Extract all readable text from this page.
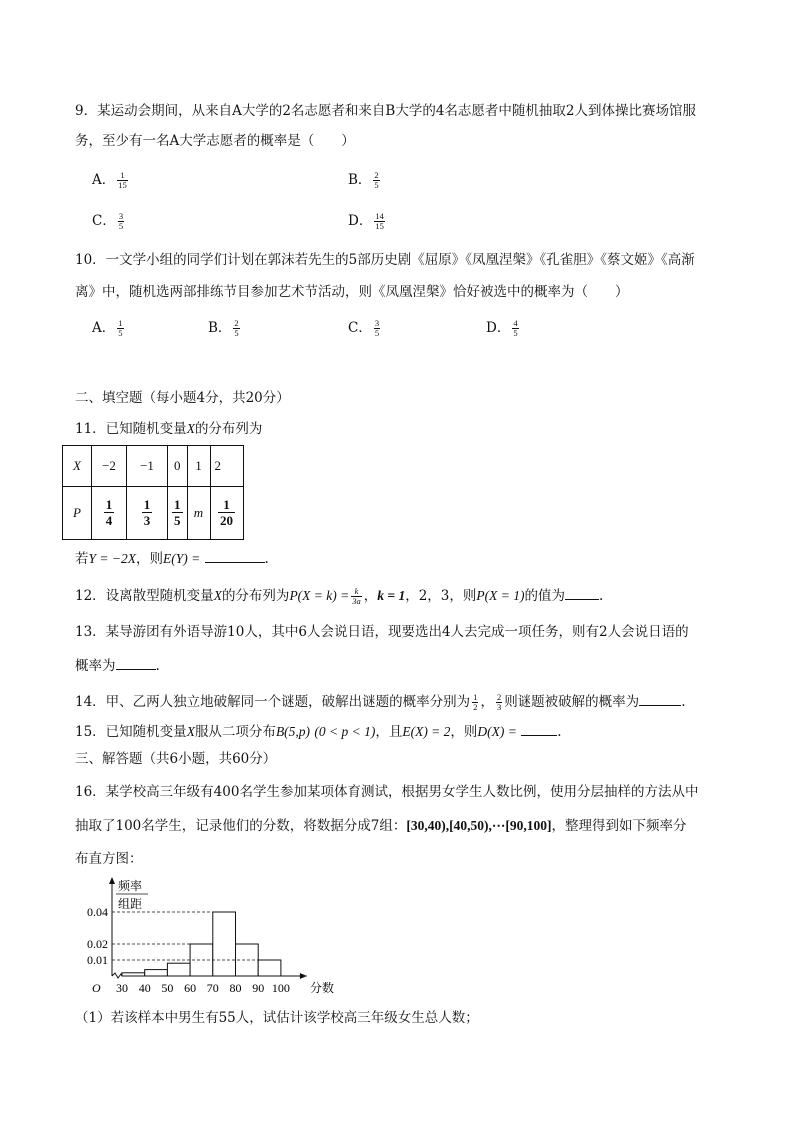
9．某运动会期间，从来自A大学的2名志愿者和来自B大学的4名志愿者中随机抽取2人到体操比赛场馆服
务，至少有一名A大学志愿者的概率是（　　）
A． $\frac{1}{15}$	B． $\frac{2}{5}$
C． $\frac{3}{5}$	D． $\frac{14}{15}$
10．一文学小组的同学们计划在郭沫若先生的5部历史剧《屈原》《凤凰涅槃》《孔雀胆》《蔡文姬》《高渐
离》中，随机选两部排练节目参加艺术节活动，则《凤凰涅槃》恰好被选中的概率为（　　）
A． $\frac{1}{5}$	B． $\frac{2}{5}$	C． $\frac{3}{5}$	D． $\frac{4}{5}$
二、填空题（每小题4分，共20分）
11．已知随机变量X的分布列为
X	−2	−1	0	1	2
P	$\frac{1}{4}$	$\frac{1}{3}$	$\frac{1}{5}$	m	$\frac{1}{20}$
若Y = −2X，则E(Y) =	.
12．设离散型随机变量X的分布列为$P(X = k) = \frac{k}{3a}$ ，k = 1，2，3，则P(X = 1)的值为	.
13．某导游团有外语导游10人，其中6人会说日语，现要选出4人去完成一项任务，则有2人会说日语的
概率为	.
14．甲、乙两人独立地破解同一个谜题，破解出谜题的概率分别为 $\frac{1}{2}$ ， $\frac{2}{3}$ 则谜题被破解的概率为	.
15．已知随机变量X服从二项分布B(5,p) (0 < p < 1)，且E(X) = 2，则D(X) =	.
三、解答题（共6小题，共60分）
16．某学校高三年级有400名学生参加某项体育测试，根据男女学生人数比例，使用分层抽样的方法从中
抽取了100名学生，记录他们的分数，将数据分成7组：[30,40),[40,50),⋯[90,100]，整理得到如下频率分
布直方图：
频率
组距
O	分数
0.01
0.02
0.04
30 40 50 60 70 80 90 100
（1）若该样本中男生有55人，试估计该学校高三年级女生总人数；
